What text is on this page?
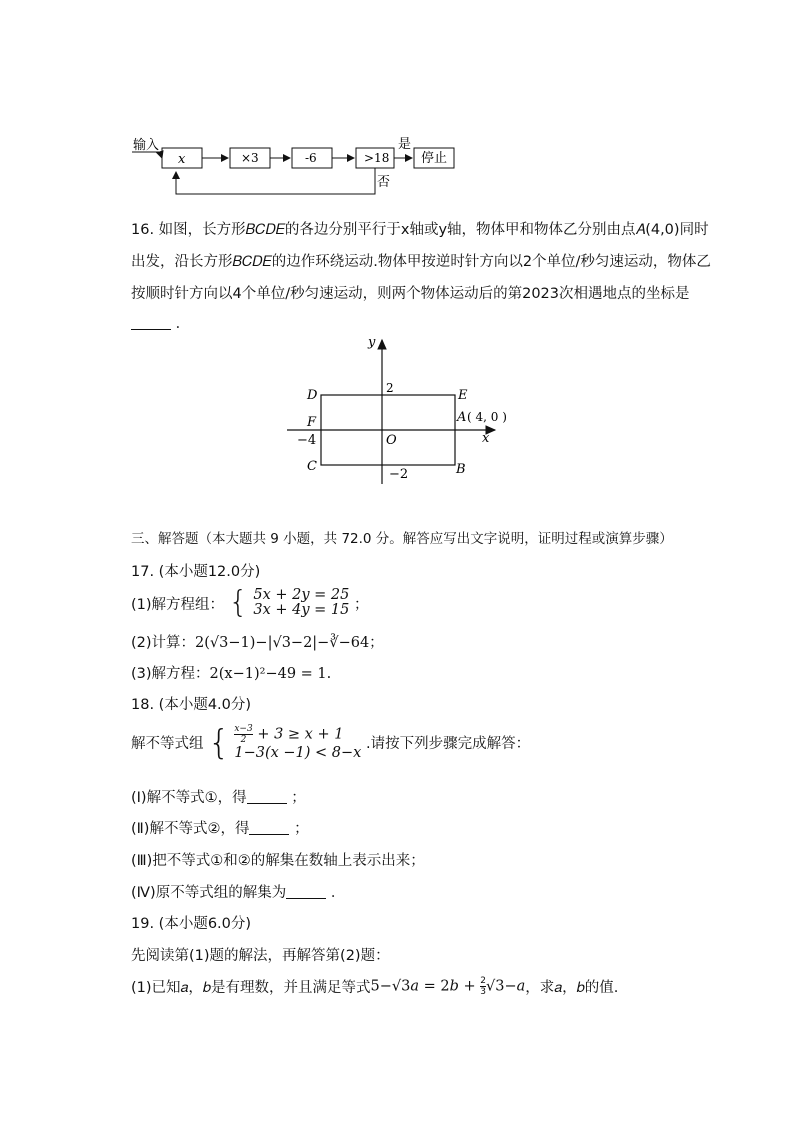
输入
x	×3	-6	>18
是
停止
否
16. 如图，长方形𝐵𝐶𝐷𝐸的各边分别平行于x轴或y轴，物体甲和物体乙分别由点𝐴(4,0)同时
出发，沿长方形𝐵𝐶𝐷𝐸的边作环绕运动.物体甲按逆时针方向以2个单位/秒匀速运动，物体乙
按顺时针方向以4个单位/秒匀速运动，则两个物体运动后的第2023次相遇地点的坐标是
．
y
x
D	E
F
C	B
A ( 4, 0 )
O
2
−4
−2
三、解答题（本大题共 9 小题，共 72.0 分。解答应写出文字说明，证明过程或演算步骤）
17. (本小题12.0分)
(1)解方程组： { 5x + 2y = 25
3x + 4y = 15 ；
(2)计算：2(√3−1)−|√3−2|−∛−64；
(3)解方程：2(x−1)²−49 = 1.
18. (本小题4.0分)
解不等式组 { $\frac{x-3}{2} + 3 \ge x + 1$
1−3(x −1) < 8−x
.请按下列步骤完成解答：
(Ⅰ)解不等式①，得	；
(Ⅱ)解不等式②，得	；
(Ⅲ)把不等式①和②的解集在数轴上表示出来；
(Ⅳ)原不等式组的解集为	．
19. (本小题6.0分)
先阅读第(1)题的解法，再解答第(2)题：
(1)已知𝑎，𝑏是有理数，并且满足等式5−√3𝑎 = 2𝑏 + $\frac{2}{3}$ √3−𝑎，求𝑎，𝑏的值.
